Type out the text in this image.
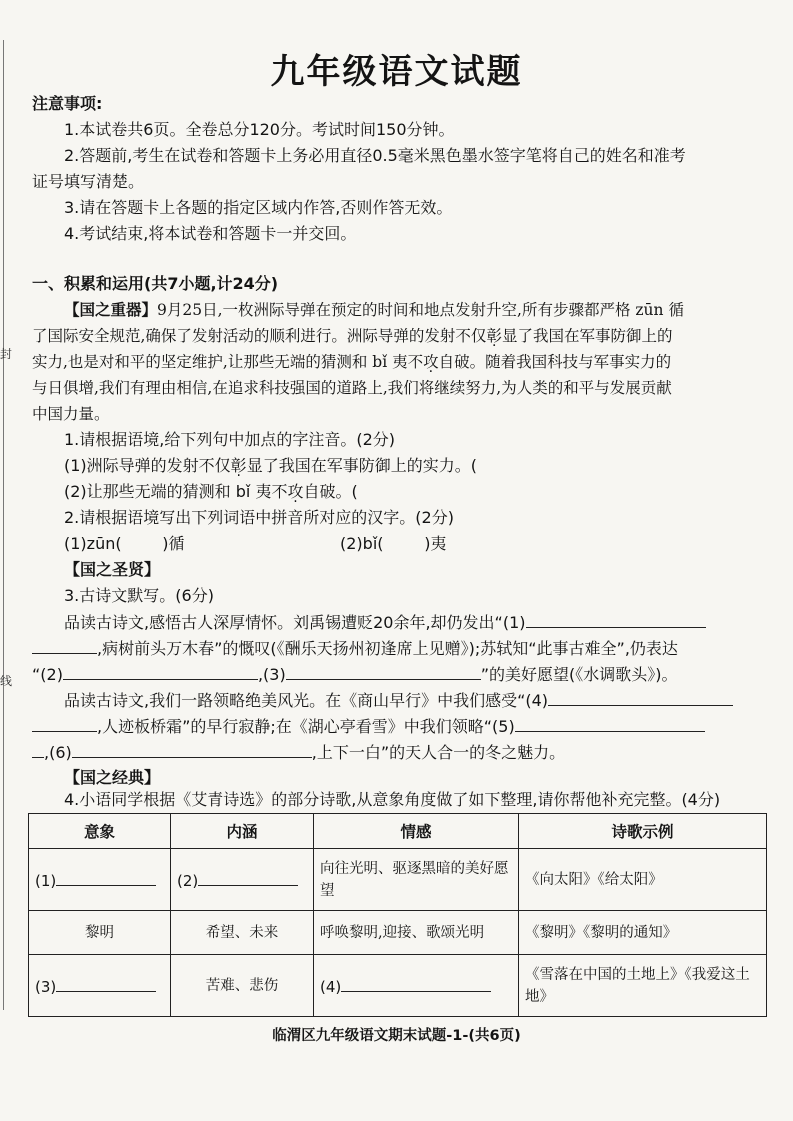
封
线
九年级语文试题
注意事项:
1.本试卷共6页。全卷总分120分。考试时间150分钟。
2.答题前,考生在试卷和答题卡上务必用直径0.5毫米黑色墨水签字笔将自己的姓名和准考
证号填写清楚。
3.请在答题卡上各题的指定区域内作答,否则作答无效。
4.考试结束,将本试卷和答题卡一并交回。
一、积累和运用(共7小题,计24分)
【国之重器】9月25日,一枚洲际导弹在预定的时间和地点发射升空,所有步骤都严格 zūn 循
了国际安全规范,确保了发射活动的顺利进行。洲际导弹的发射不仅彰显了我国在军事防御上的
实力,也是对和平的坚定维护,让那些无端的猜测和 bǐ 夷不攻自破。随着我国科技与军事实力的
与日俱增,我们有理由相信,在追求科技强国的道路上,我们将继续努力,为人类的和平与发展贡献
中国力量。
1.请根据语境,给下列句中加点的字注音。(2分)
(1)洲际导弹的发射不仅彰显了我国在军事防御上的实力。(
(2)让那些无端的猜测和 bǐ 夷不攻自破。(
2.请根据语境写出下列词语中拼音所对应的汉字。(2分)
(1)zūn(        )循	(2)bǐ(        )夷
【国之圣贤】
3.古诗文默写。(6分)
品读古诗文,感悟古人深厚情怀。刘禹锡遭贬20余年,却仍发出“(1)
,病树前头万木春”的慨叹(《酬乐天扬州初逢席上见赠》);苏轼知“此事古难全”,仍表达
“(2)	,(3)	”的美好愿望(《水调歌头》)。
品读古诗文,我们一路领略绝美风光。在《商山早行》中我们感受“(4)
,人迹板桥霜”的早行寂静;在《湖心亭看雪》中我们领略“(5)
,(6)	,上下一白”的天人合一的冬之魅力。
【国之经典】
4.小语同学根据《艾青诗选》的部分诗歌,从意象角度做了如下整理,请你帮他补充完整。(4分)
意象	内涵	情感	诗歌示例
(1)	(2)	向往光明、驱逐黑暗的美好愿望	《向太阳》《给太阳》
黎明	希望、未来	呼唤黎明,迎接、歌颂光明	《黎明》《黎明的通知》
(3)	苦难、悲伤	(4)	《雪落在中国的土地上》《我爱这土地》
临渭区九年级语文期末试题-1-(共6页)
